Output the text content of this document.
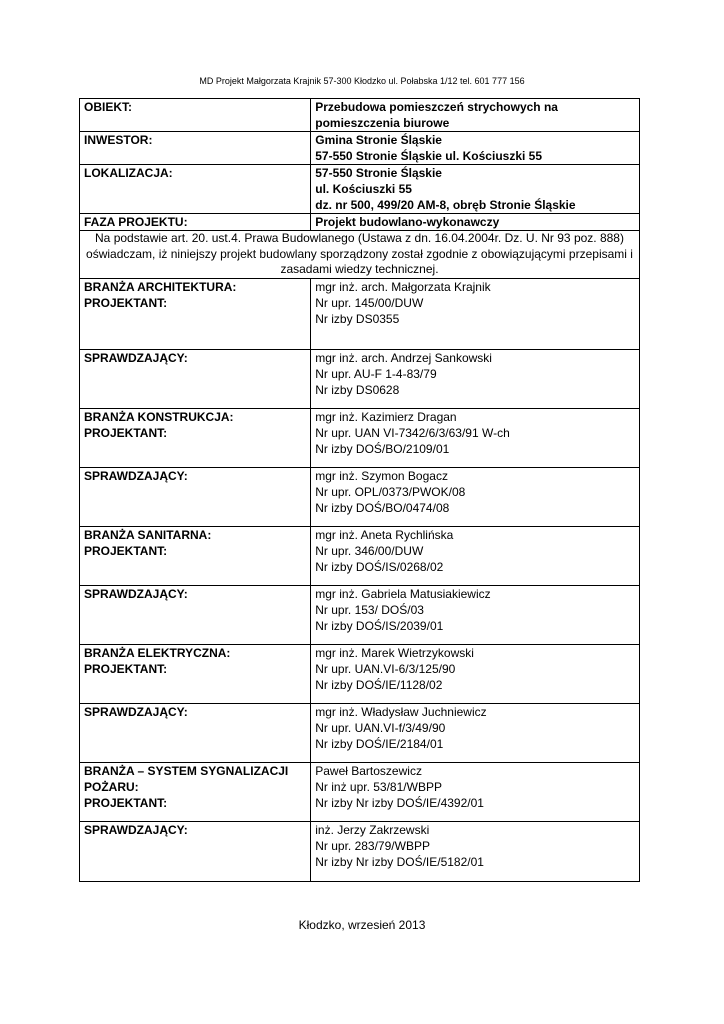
MD Projekt Małgorzata Krajnik 57-300 Kłodzko ul. Połabska 1/12 tel. 601 777 156
OBIEKT:	Przebudowa pomieszczeń strychowych na
pomieszczenia biurowe

INWESTOR:	Gmina Stronie Śląskie
57-550 Stronie Śląskie ul. Kościuszki 55

LOKALIZACJA:	57-550 Stronie Śląskie
ul. Kościuszki 55
dz. nr 500, 499/20 AM-8, obręb Stronie Śląskie

FAZA PROJEKTU:	Projekt budowlano-wykonawczy
Na podstawie art. 20. ust.4. Prawa Budowlanego (Ustawa z dn. 16.04.2004r. Dz. U. Nr 93 poz. 888) oświadczam, iż niniejszy projekt budowlany sporządzony został zgodnie z obowiązującymi przepisami i zasadami wiedzy technicznej.	

BRANŻA ARCHITEKTURA:
PROJEKTANT:	mgr inż. arch. Małgorzata Krajnik
Nr upr. 145/00/DUW
Nr izby DS0355

SPRAWDZAJĄCY:	mgr inż. arch. Andrzej Sankowski
Nr upr. AU-F 1-4-83/79
Nr izby DS0628

BRANŻA KONSTRUKCJA:
PROJEKTANT:	mgr inż. Kazimierz Dragan
Nr upr. UAN VI-7342/6/3/63/91 W-ch
Nr izby DOŚ/BO/2109/01

SPRAWDZAJĄCY:	mgr inż. Szymon Bogacz
Nr upr. OPL/0373/PWOK/08
Nr izby DOŚ/BO/0474/08

BRANŻA SANITARNA:
PROJEKTANT:	mgr inż. Aneta Rychlińska
Nr upr. 346/00/DUW
Nr izby DOŚ/IS/0268/02

SPRAWDZAJĄCY:	mgr inż. Gabriela Matusiakiewicz
Nr upr. 153/ DOŚ/03
Nr izby DOŚ/IS/2039/01

BRANŻA ELEKTRYCZNA:
PROJEKTANT:	mgr inż. Marek Wietrzykowski
Nr upr. UAN.VI-6/3/125/90
Nr izby DOŚ/IE/1128/02

SPRAWDZAJĄCY:	mgr inż. Władysław Juchniewicz
Nr upr. UAN.VI-f/3/49/90
Nr izby DOŚ/IE/2184/01

BRANŻA – SYSTEM SYGNALIZACJI
POŻARU:
PROJEKTANT:	Paweł Bartoszewicz
Nr inż upr. 53/81/WBPP
Nr izby Nr izby DOŚ/IE/4392/01

SPRAWDZAJĄCY:	inż. Jerzy Zakrzewski
Nr upr. 283/79/WBPP
Nr izby Nr izby DOŚ/IE/5182/01
Kłodzko, wrzesień 2013
